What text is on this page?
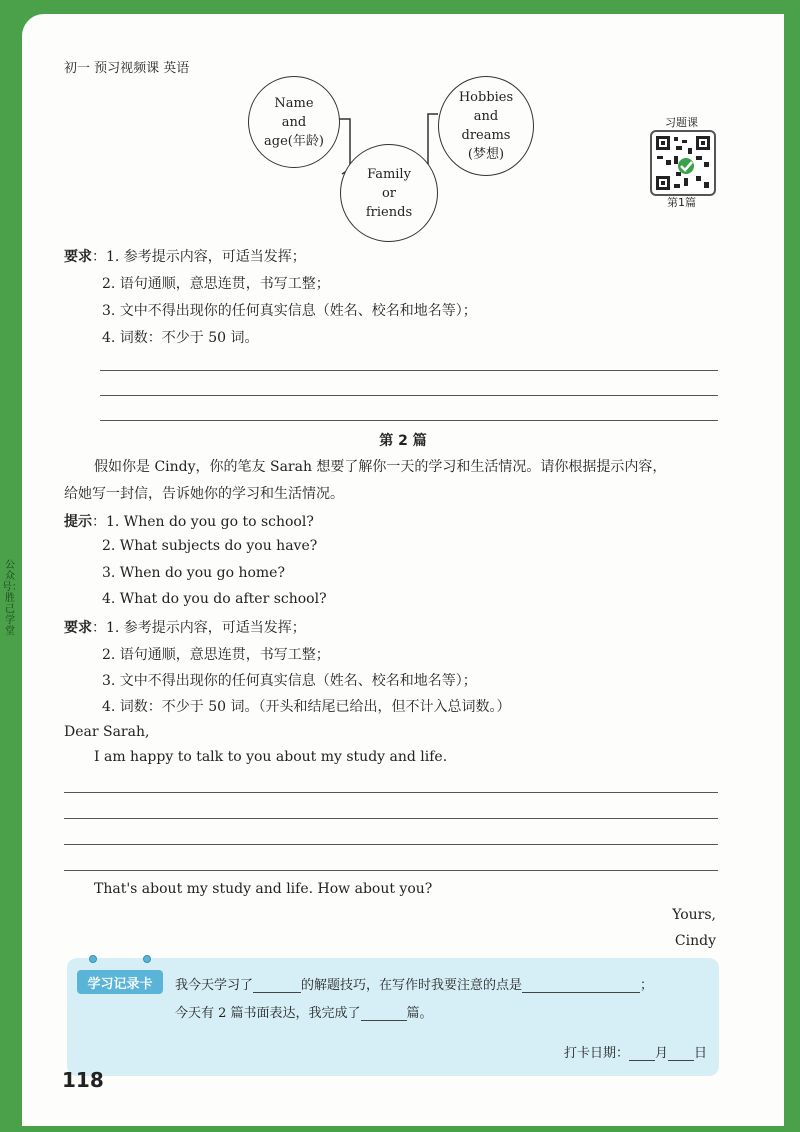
公众号：胜己学堂
初一 预习视频课 英语
Name
and
age(年龄)
Family
or
friends
Hobbies
and
dreams
(梦想)
习题课
第1篇
要求：1. 参考提示内容，可适当发挥；
2. 语句通顺，意思连贯，书写工整；
3. 文中不得出现你的任何真实信息（姓名、校名和地名等）；
4. 词数：不少于 50 词。
第 2 篇
假如你是 Cindy，你的笔友 Sarah 想要了解你一天的学习和生活情况。请你根据提示内容，
给她写一封信，告诉她你的学习和生活情况。
提示：1. When do you go to school?
2. What subjects do you have?
3. When do you go home?
4. What do you do after school?
要求：1. 参考提示内容，可适当发挥；
2. 语句通顺，意思连贯，书写工整；
3. 文中不得出现你的任何真实信息（姓名、校名和地名等）；
4. 词数：不少于 50 词。（开头和结尾已给出，但不计入总词数。）
Dear Sarah,
I am happy to talk to you about my study and life.
That's about my study and life. How about you?
Yours,
Cindy
学习记录卡	我今天学习了	的解题技巧，在写作时我要注意的点是	；
今天有 2 篇书面表达，我完成了	篇。
打卡日期： 月 日
118
